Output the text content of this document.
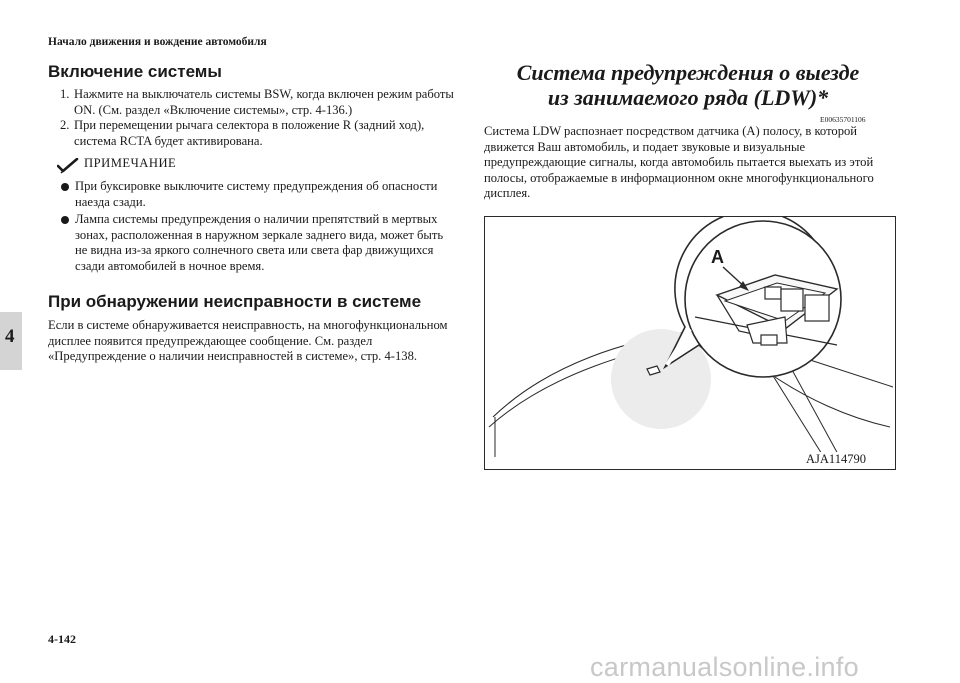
Начало движения и вождение автомобиля
4
Включение системы
1. Нажмите на выключатель системы BSW, когда включен режим работы ON. (См. раздел «Включение системы», стр. 4-136.)
2. При перемещении рычага селектора в положение R (задний ход), система RCTA будет активирована.
ПРИМЕЧАНИЕ
При буксировке выключите систему предупреждения об опасности наезда сзади.
Лампа системы предупреждения о наличии препятствий в мертвых зонах, расположенная в наружном зеркале заднего вида, может быть не видна из-за яркого солнечного света или света фар движущихся сзади автомобилей в ночное время.
При обнаружении неисправности в системе
Если в системе обнаруживается неисправность, на многофункциональном дисплее появится предупреждающее сообщение. См. раздел «Предупреждение о наличии неисправностей в системе», стр. 4-138.
Система предупреждения о выезде
из занимаемого ряда (LDW)*
E00635701106
Система LDW распознает посредством датчика (A) полосу, в которой движется Ваш автомобиль, и подает звуковые и визуальные предупреждающие сигналы, когда автомобиль пытается выехать из этой полосы, отображаемые в информационном окне многофункционального дисплея.
A
AJA114790
4-142
carmanualsonline.info
